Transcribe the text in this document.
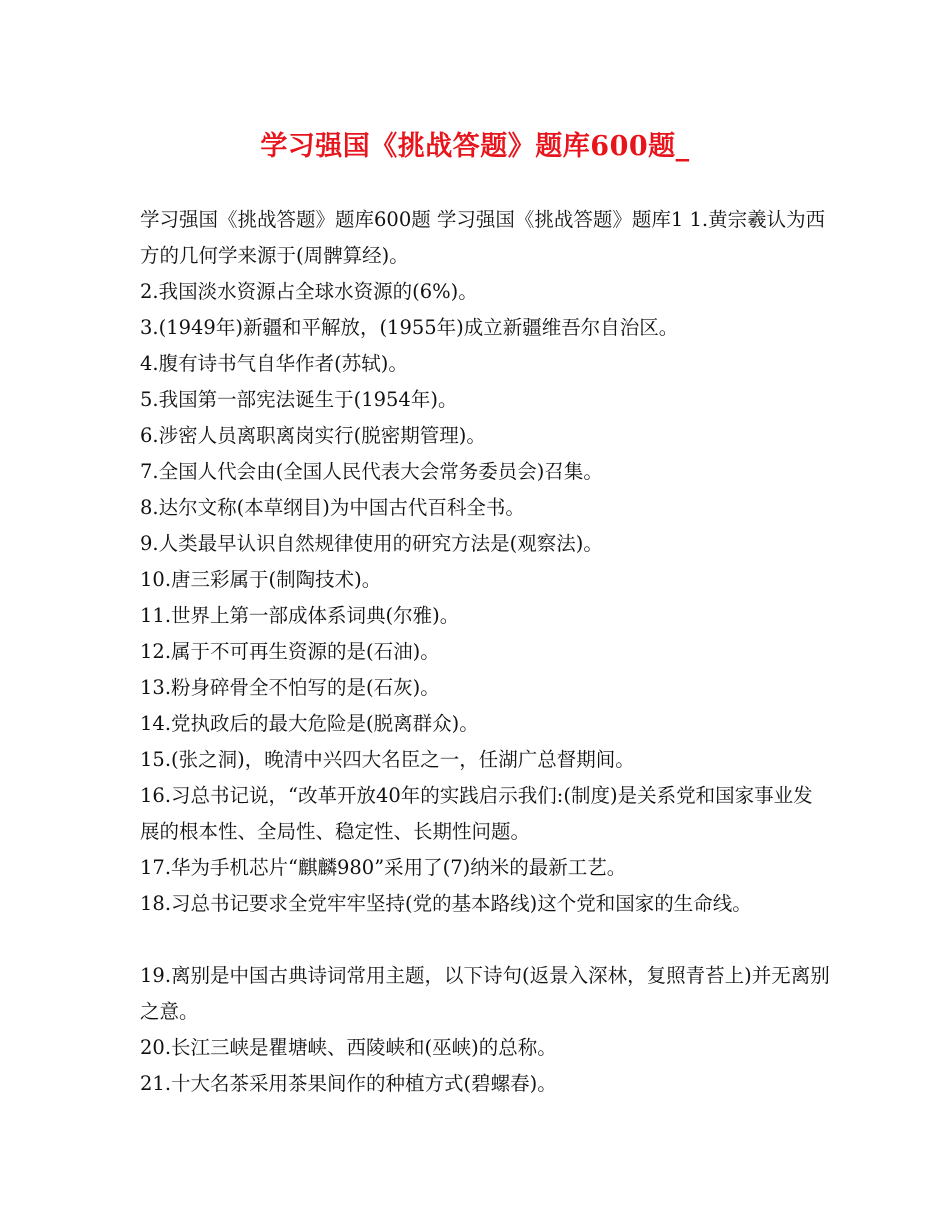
学习强国《挑战答题》题库600题_

学习强国《挑战答题》题库600题 学习强国《挑战答题》题库1 1.黄宗羲认为西方的几何学来源于(周髀算经)。

2.我国淡水资源占全球水资源的(6%)。

3.(1949年)新疆和平解放，(1955年)成立新疆维吾尔自治区。

4.腹有诗书气自华作者(苏轼)。

5.我国第一部宪法诞生于(1954年)。

6.涉密人员离职离岗实行(脱密期管理)。

7.全国人代会由(全国人民代表大会常务委员会)召集。

8.达尔文称(本草纲目)为中国古代百科全书。

9.人类最早认识自然规律使用的研究方法是(观察法)。

10.唐三彩属于(制陶技术)。

11.世界上第一部成体系词典(尔雅)。

12.属于不可再生资源的是(石油)。

13.粉身碎骨全不怕写的是(石灰)。

14.党执政后的最大危险是(脱离群众)。

15.(张之洞)，晚清中兴四大名臣之一，任湖广总督期间。

16.习总书记说，“改革开放40年的实践启示我们:(制度)是关系党和国家事业发展的根本性、全局性、稳定性、长期性问题。

17.华为手机芯片“麒麟980”采用了(7)纳米的最新工艺。

18.习总书记要求全党牢牢坚持(党的基本路线)这个党和国家的生命线。

19.离别是中国古典诗词常用主题，以下诗句(返景入深林，复照青苔上)并无离别之意。

20.长江三峡是瞿塘峡、西陵峡和(巫峡)的总称。

21.十大名茶采用茶果间作的种植方式(碧螺春)。
